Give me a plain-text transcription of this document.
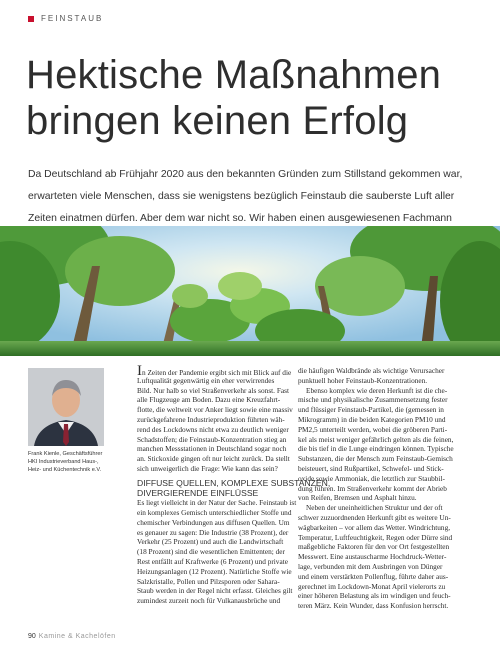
FEINSTAUB
Hektische Maßnahmen
bringen keinen Erfolg

Da Deutschland ab Frühjahr 2020 aus den bekannten Gründen zum Stillstand gekommen war, erwarteten viele Menschen, dass sie wenigstens bezüglich Feinstaub die sauberste Luft aller Zeiten einatmen dürfen. Aber dem war nicht so. Wir haben einen ausgewiesenen Fachmann

Frank Kienle, Geschäftsführer
HKI Industrieverband Haus-,
Heiz- und Küchentechnik e.V.

In Zeiten der Pandemie ergibt sich mit Blick auf die
Luftqualität gegenwärtig ein eher verwirrendes
Bild. Nur halb so viel Straßenverkehr als sonst. Fast
alle Flugzeuge am Boden. Dazu eine Kreuzfahrt-
flotte, die weltweit vor Anker liegt sowie eine massiv
zurückgefahrene Industrieproduktion führten wäh-
rend des Lockdowns nicht etwa zu deutlich weniger
Schadstoffen; die Feinstaub-Konzentration stieg an
manchen Messstationen in Deutschland sogar noch
an. Stickoxide gingen oft nur leicht zurück. Da stellt
sich unweigerlich die Frage: Wie kann das sein?
DIFFUSE QUELLEN, KOMPLEXE SUBSTANZEN,
DIVERGIERENDE EINFLÜSSE
Es liegt vielleicht in der Natur der Sache. Feinstaub ist
ein komplexes Gemisch unterschiedlicher Stoffe und
chemischer Verbindungen aus diffusen Quellen. Um
es genauer zu sagen: Die Industrie (38 Prozent), der
Verkehr (25 Prozent) und auch die Landwirtschaft
(18 Prozent) sind die wesentlichen Emittenten; der
Rest entfällt auf Kraftwerke (6 Prozent) und private
Heizungsanlagen (12 Prozent). Natürliche Stoffe wie
Salzkristalle, Pollen und Pilzsporen oder Sahara-
Staub werden in der Regel nicht erfasst. Gleiches gilt
zumindest zurzeit noch für Vulkanausbrüche und
die häufigen Waldbrände als wichtige Verursacher
punktuell hoher Feinstaub-Konzentrationen.
Ebenso komplex wie deren Herkunft ist die che-
mische und physikalische Zusammensetzung fester
und flüssiger Feinstaub-Partikel, die (gemessen in
Mikrogramm) in die beiden Kategorien PM10 und
PM2,5 unterteilt werden, wobei die gröberen Parti-
kel als meist weniger gefährlich gelten als die feinen,
die bis tief in die Lunge eindringen können. Typische
Substanzen, die der Mensch zum Feinstaub-Gemisch
beisteuert, sind Rußpartikel, Schwefel- und Stick-
oxide sowie Ammoniak, die letztlich zur Staubbil-
dung führen. Im Straßenverkehr kommt der Abrieb
von Reifen, Bremsen und Asphalt hinzu.
Neben der uneinheitlichen Struktur und der oft
schwer zuzuordnenden Herkunft gibt es weitere Un-
wägbarkeiten – vor allem das Wetter. Windrichtung,
Temperatur, Luftfeuchtigkeit, Regen oder Dürre sind
maßgebliche Faktoren für den vor Ort festgestellten
Messwert. Eine austauscharme Hochdruck-Wetter-
lage, verbunden mit dem Ausbringen von Dünger
und einem verstärkten Pollenflug, führte daher aus-
gerechnet im Lockdown-Monat April vielerorts zu
einer höheren Belastung als im windigen und feuch-
teren März. Kein Wunder, dass Konfusion herrscht.
90 Kamine & Kachelöfen
